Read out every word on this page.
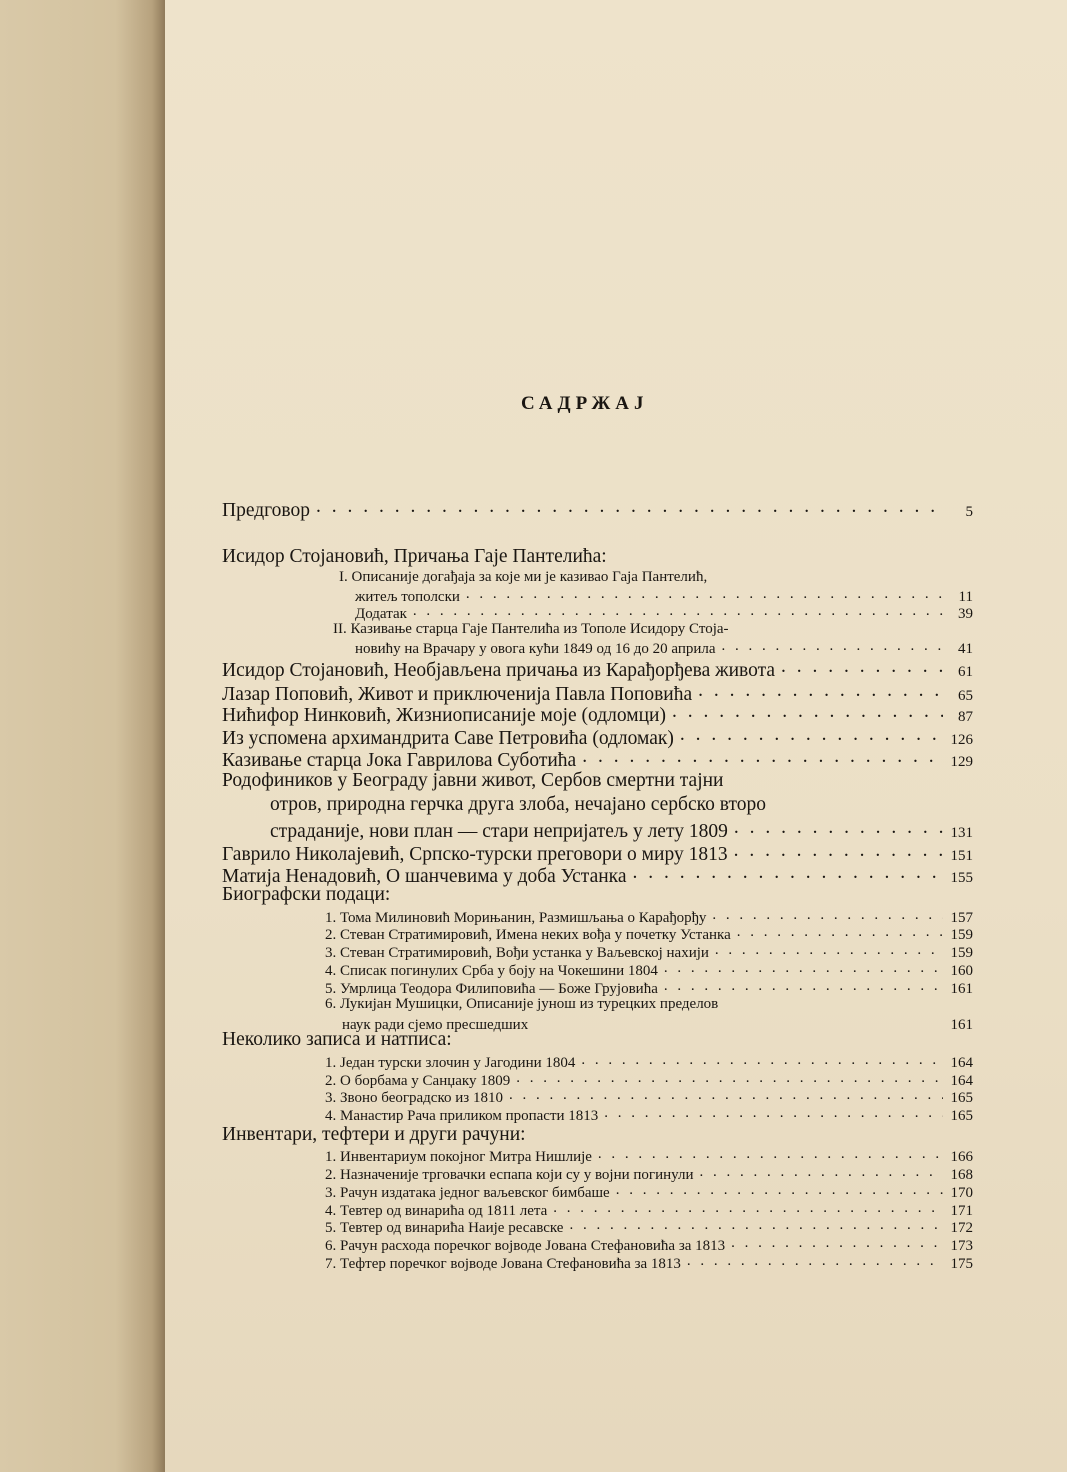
САДРЖАЈ
Предговор . . .	5
Исидор Стојановић, Причања Гаје Пантелића:
I. Описаније догађаја за које ми је казивао Гаја Пантелић,
житељ тополски . . .	11
Додатак . . .	39
II. Казивање старца Гаје Пантелића из Тополе Исидору Стоја-
новићу на Врачару у овога куħи 1849 од 16 до 20 априла . . .	41
Исидор Стојановић, Необјављена причања из Карађорђева живота . . .	61
Лазар Поповић, Живот и приключенија Павла Поповића . . .	65
Нићифор Нинковић, Жизниописаније моје (одломци) . . .	87
Из успомена архимандрита Саве Петровића (одломак) . . .	126
Казивање старца Јока Гаврилова Суботића . . .	129
Родофиников у Београду јавни живот, Сербов смертни тајни
отров, природна герчка друга злоба, нечајано сербско второ
страданије, нови план — стари непријатељ у лету 1809 . . .	131
Гаврило Николајевић, Српско-турски преговори о миру 1813 . . .	151
Матија Ненадовић, О шанчевима у доба Устанка . . .	155
Биографски подаци:
1. Тома Милиновић Морињанин, Размишљања о Карађорђу . . .	157
2. Стеван Стратимировић, Имена неких вођа у почетку Устанка . . .	159
3. Стеван Стратимировић, Вођи устанка у Ваљевској нахији . . .	159
4. Списак погинулих Срба у боју на Чокешини 1804 . . .	160
5. Умрлица Теодора Филиповића — Боже Грујовића . . .	161
6. Лукијан Мушицки, Описаније јунош из турецких пределов
наук ради сјемо пресшедших	161
Неколико записа и натписа:
1. Један турски злочин у Јагодини 1804 . . .	164
2. О борбама у Санџаку 1809 . . .	164
3. Звоно београдско из 1810 . . .	165
4. Манастир Рача приликом пропасти 1813 . . .	165
Инвентари, тефтери и други рачуни:
1. Инвентариум покојног Митра Нишлије . . .	166
2. Назначеније трговачки еспапа који су у војни погинули . . .	168
3. Рачун издатака једног ваљевског бимбаше . . .	170
4. Тевтер од винарића од 1811 лета . . .	171
5. Тевтер од винарића Наије ресавске . . .	172
6. Рачун расхода поречког војводе Јована Стефановића за 1813 . . .	173
7. Тефтер поречког војводе Јована Стефановића за 1813 . . .	175
